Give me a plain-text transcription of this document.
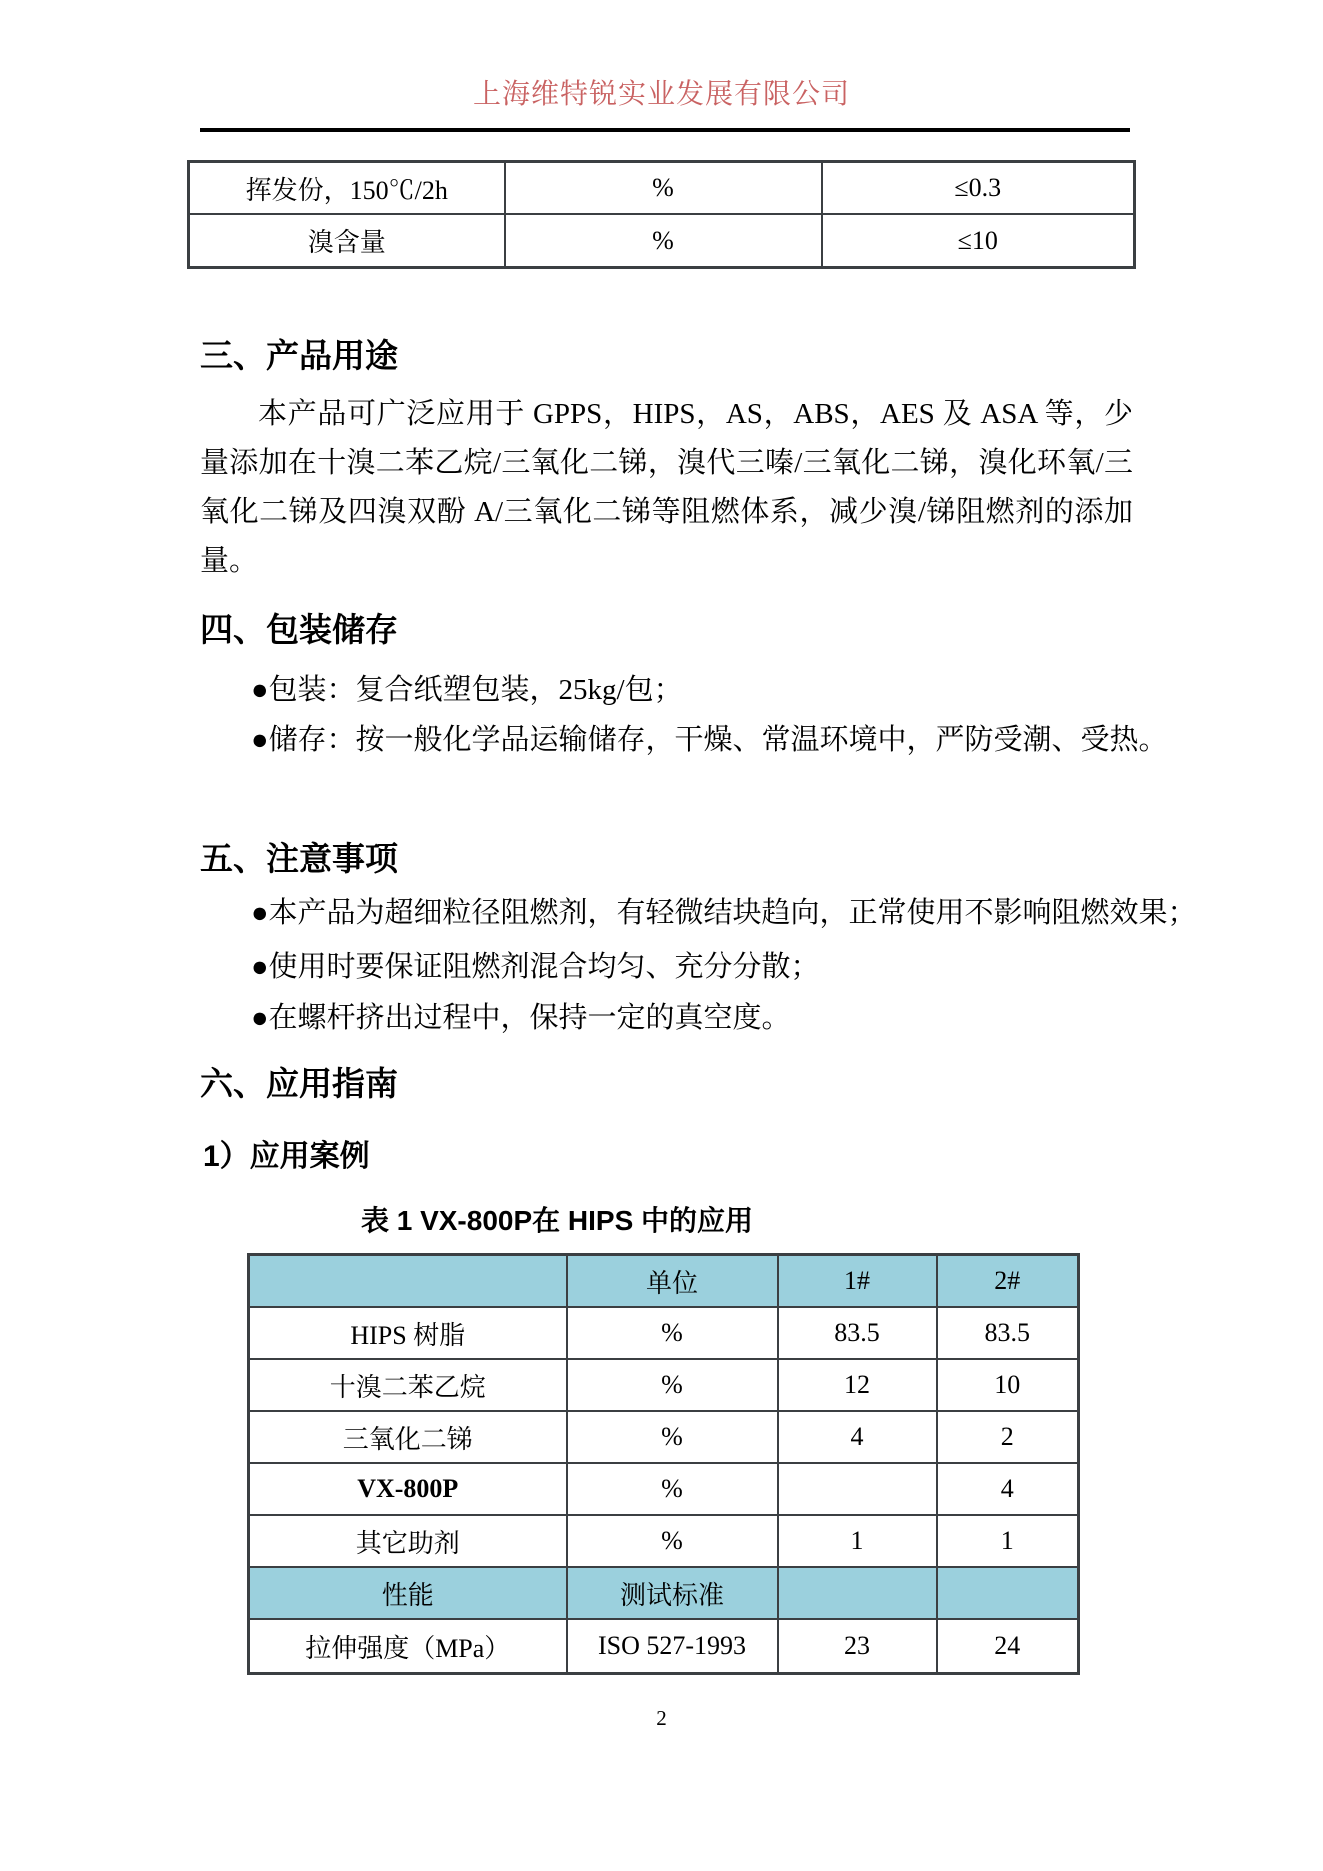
上海维特锐实业发展有限公司
挥发份，150℃/2h	%	≤0.3
溴含量	%	≤10
三、产品用途
本产品可广泛应用于 GPPS，HIPS，AS，ABS，AES 及 ASA 等，少量添加在十溴二苯乙烷/三氧化二锑，溴代三嗪/三氧化二锑，溴化环氧/三氧化二锑及四溴双酚 A/三氧化二锑等阻燃体系，减少溴/锑阻燃剂的添加量。
四、包装储存
●包装：复合纸塑包装，25kg/包；
●储存：按一般化学品运输储存，干燥、常温环境中，严防受潮、受热。
五、注意事项
●本产品为超细粒径阻燃剂，有轻微结块趋向，正常使用不影响阻燃效果；
●使用时要保证阻燃剂混合均匀、充分分散；
●在螺杆挤出过程中，保持一定的真空度。
六、应用指南
1）应用案例
表 1 VX-800P在 HIPS 中的应用
	单位	1#	2#
HIPS 树脂	%	83.5	83.5
十溴二苯乙烷	%	12	10
三氧化二锑	%	4	2
VX-800P	%		4
其它助剂	%	1	1
性能	测试标准		
拉伸强度（MPa）	ISO 527-1993	23	24
2
